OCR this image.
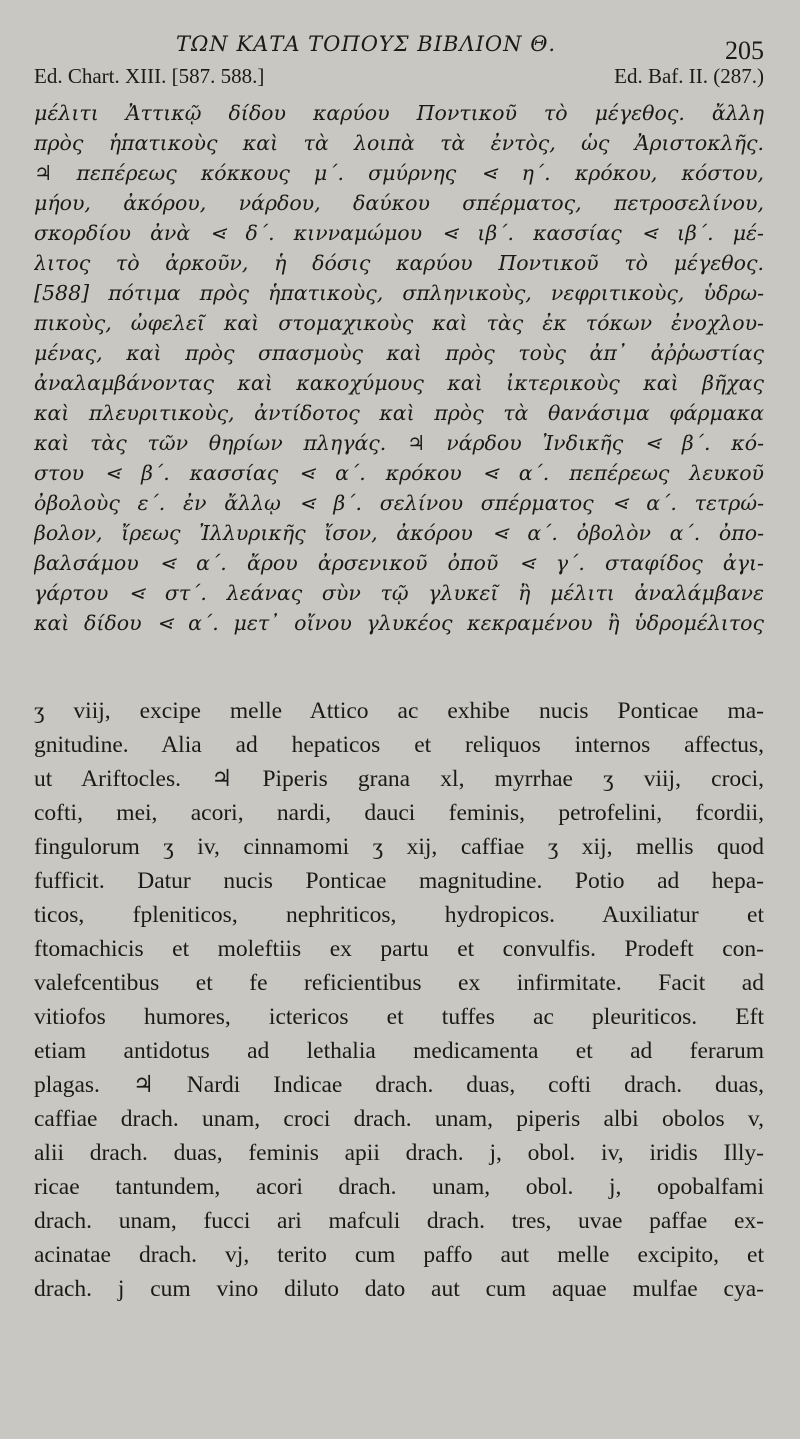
ΤΩΝ ΚΑΤΑ ΤΟΠΟΥΣ ΒΙΒΛΙΟΝ Θ.	205
Ed. Chart. XIII. [587. 588.]	Ed. Baf. II. (287.)
μέλιτι Ἀττικῷ δίδου καρύου Ποντικοῦ τὸ μέγεθος. ἄλλη
πρὸς ἡπατικοὺς καὶ τὰ λοιπὰ τὰ ἐντὸς, ὡς Ἀριστοκλῆς.
♃ πεπέρεως κόκκους μ΄. σμύρνης ⋖ η΄. κρόκου, κόστου,
μήου, ἀκόρου, νάρδου, δαύκου σπέρματος, πετροσελίνου,
σκορδίου ἀνὰ ⋖ δ΄. κινναμώμου ⋖ ιβ΄. κασσίας ⋖ ιβ΄. μέ-
λιτος τὸ ἀρκοῦν, ἡ δόσις καρύου Ποντικοῦ τὸ μέγεθος.
[588] πότιμα πρὸς ἡπατικοὺς, σπληνικοὺς, νεφριτικοὺς, ὑδρω-
πικοὺς, ὠφελεῖ καὶ στομαχικοὺς καὶ τὰς ἐκ τόκων ἐνοχλου-
μένας, καὶ πρὸς σπασμοὺς καὶ πρὸς τοὺς ἀπ᾽ ἀῤῥωστίας
ἀναλαμβάνοντας καὶ κακοχύμους καὶ ἰκτερικοὺς καὶ βῆχας
καὶ πλευριτικοὺς, ἀντίδοτος καὶ πρὸς τὰ θανάσιμα φάρμακα
καὶ τὰς τῶν θηρίων πληγάς. ♃ νάρδου Ἰνδικῆς ⋖ β΄. κό-
στου ⋖ β΄. κασσίας ⋖ α΄. κρόκου ⋖ α΄. πεπέρεως λευκοῦ
ὀβολοὺς ε΄. ἐν ἄλλῳ ⋖ β΄. σελίνου σπέρματος ⋖ α΄. τετρώ-
βολον, ἴρεως Ἰλλυρικῆς ἴσον, ἀκόρου ⋖ α΄. ὀβολὸν α΄. ὀπο-
βαλσάμου ⋖ α΄. ἄρου ἀρσενικοῦ ὀποῦ ⋖ γ΄. σταφίδος ἀγι-
γάρτου ⋖ στ΄. λεάνας σὺν τῷ γλυκεῖ ἢ μέλιτι ἀναλάμβανε
καὶ δίδου ⋖ α΄. μετ᾽ οἴνου γλυκέος κεκραμένου ἢ ὑδρομέλιτος
ʒ viij, excipe melle Attico ac exhibe nucis Ponticae ma-
gnitudine. Alia ad hepaticos et reliquos internos affectus,
ut Ariftocles. ♃ Piperis grana xl, myrrhae ʒ viij, croci,
cofti, mei, acori, nardi, dauci feminis, petrofelini, fcordii,
fingulorum ʒ iv, cinnamomi ʒ xij, caffiae ʒ xij, mellis quod
fufficit. Datur nucis Ponticae magnitudine. Potio ad hepa-
ticos, fpleniticos, nephriticos, hydropicos. Auxiliatur et
ftomachicis et moleftiis ex partu et convulfis. Prodeft con-
valefcentibus et fe reficientibus ex infirmitate. Facit ad
vitiofos humores, ictericos et tuffes ac pleuriticos. Eft
etiam antidotus ad lethalia medicamenta et ad ferarum
plagas. ♃ Nardi Indicae drach. duas, cofti drach. duas,
caffiae drach. unam, croci drach. unam, piperis albi obolos v,
alii drach. duas, feminis apii drach. j, obol. iv, iridis Illy-
ricae tantundem, acori drach. unam, obol. j, opobalfami
drach. unam, fucci ari mafculi drach. tres, uvae paffae ex-
acinatae drach. vj, terito cum paffo aut melle excipito, et
drach. j cum vino diluto dato aut cum aquae mulfae cya-
